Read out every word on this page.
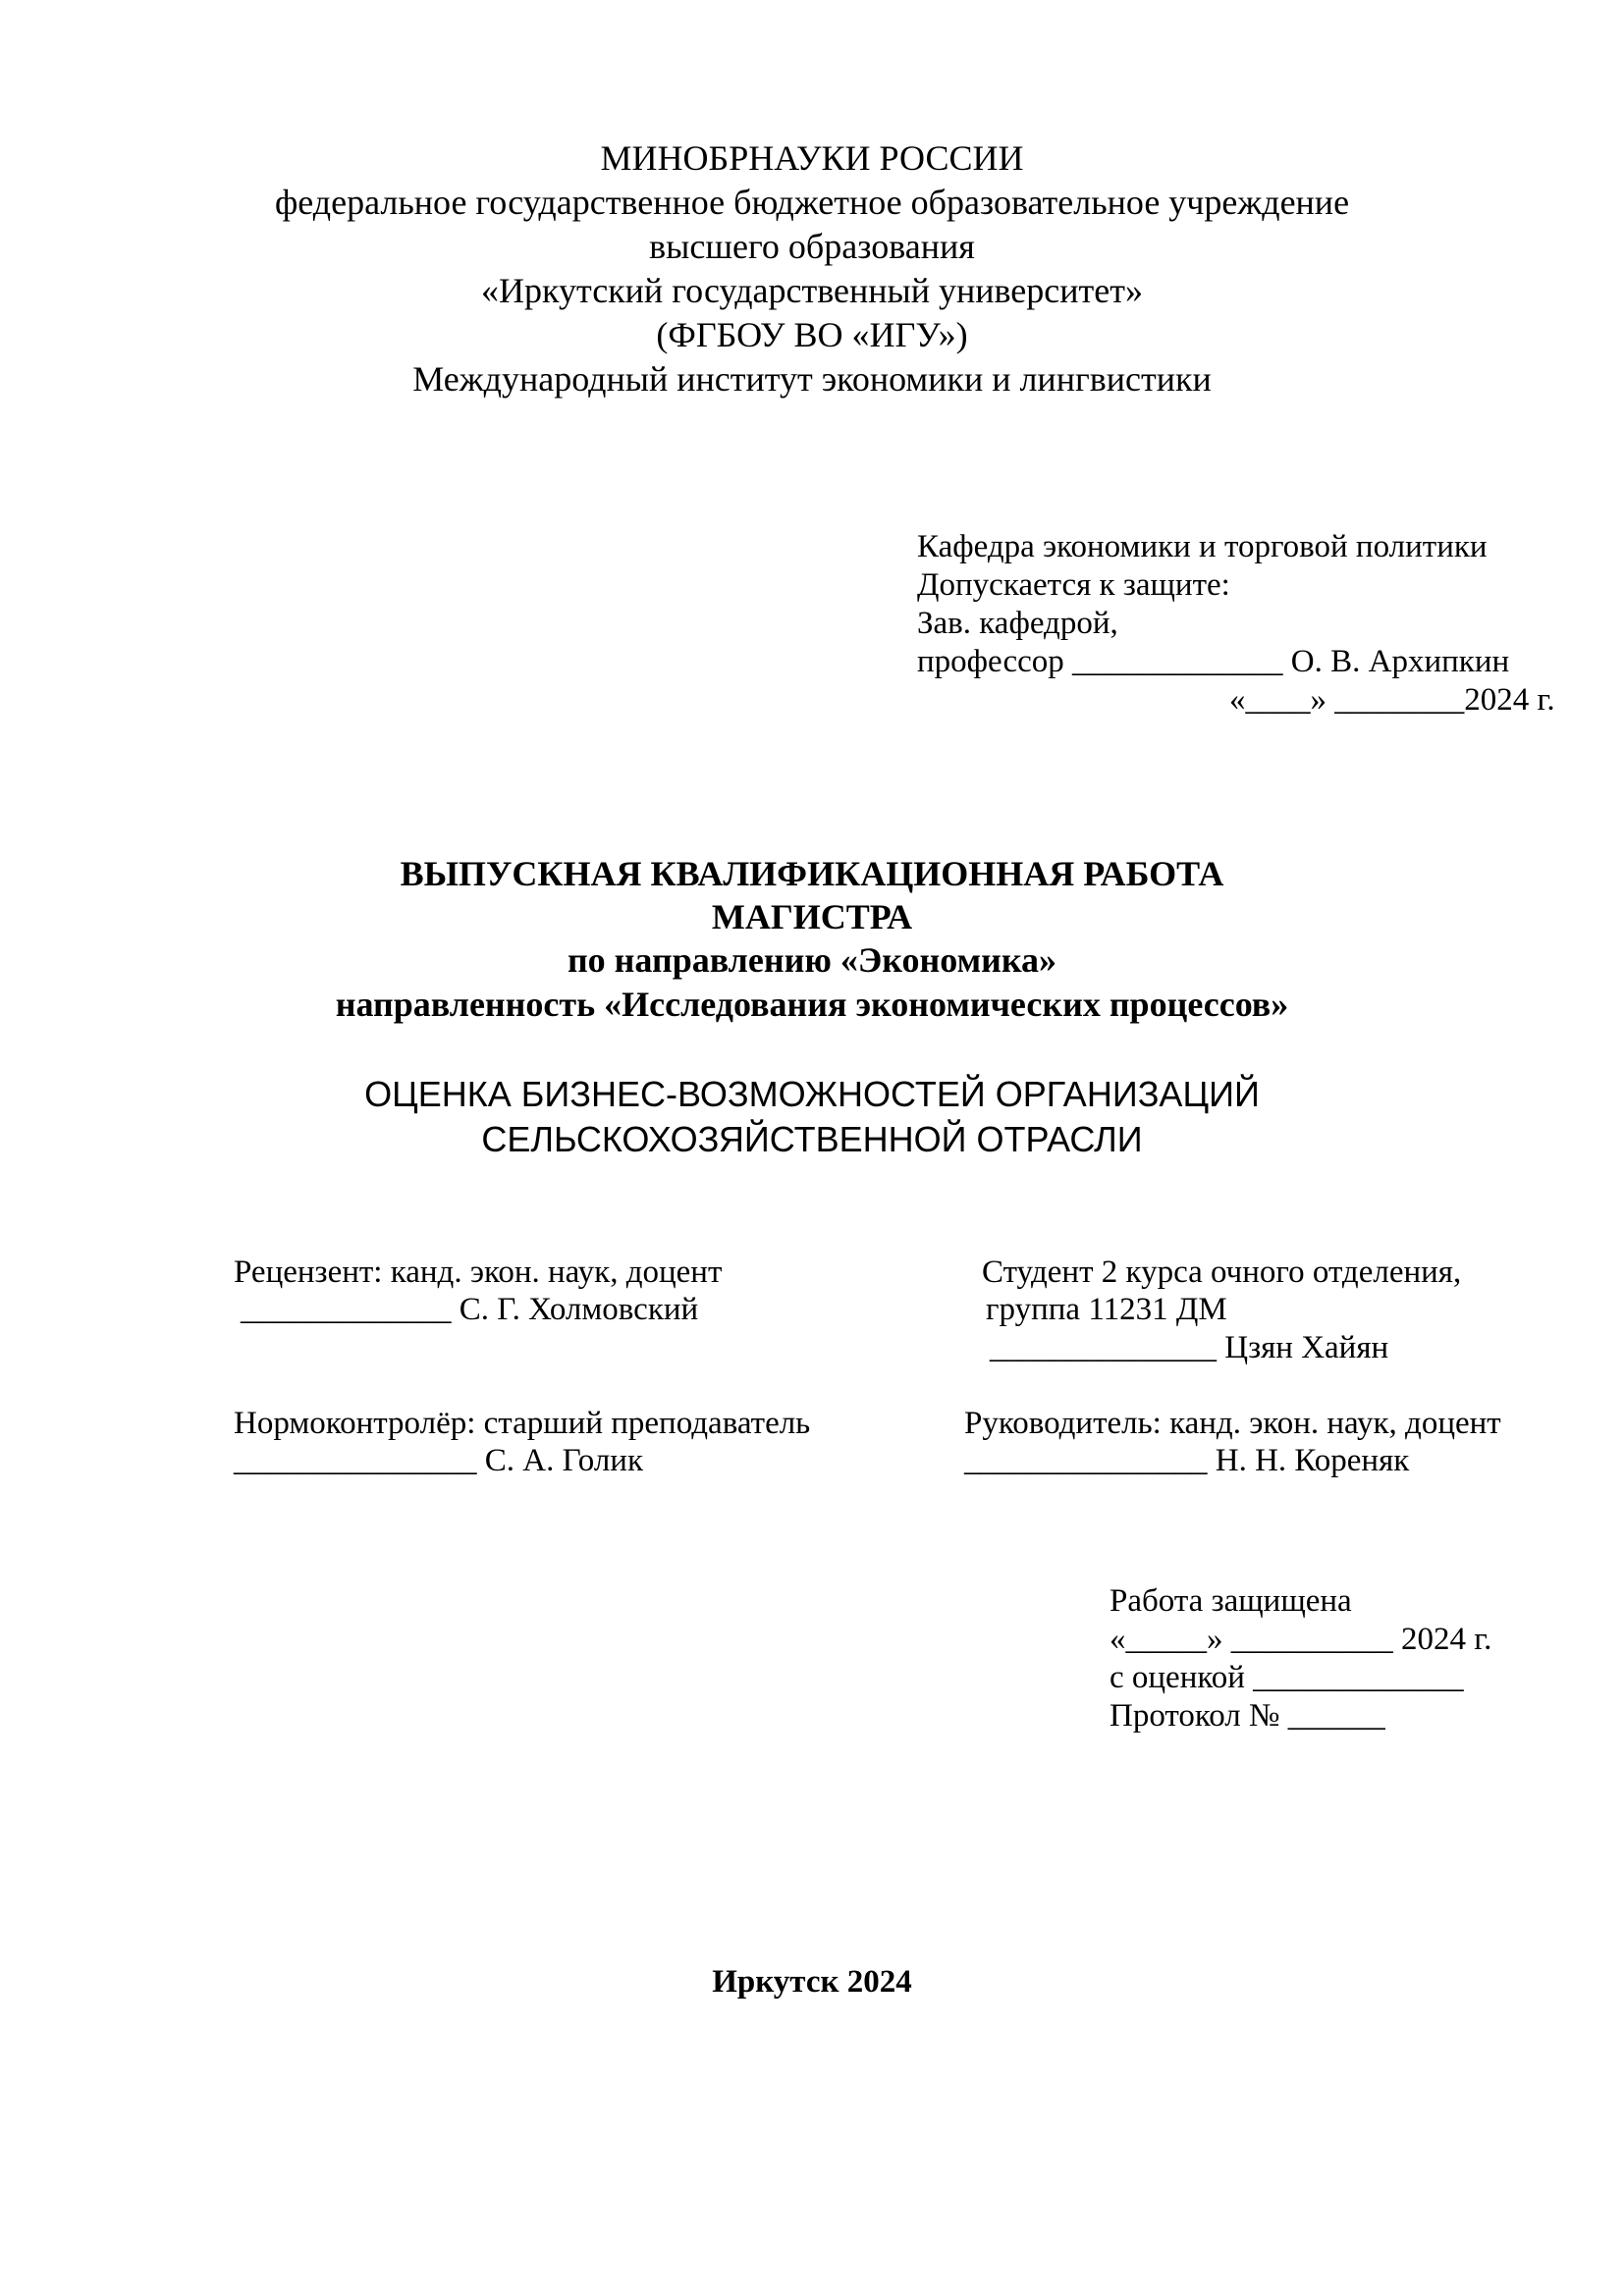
МИНОБРНАУКИ РОССИИ
федеральное государственное бюджетное образовательное учреждение
высшего образования
«Иркутский государственный университет»
(ФГБОУ ВО «ИГУ»)
Международный институт экономики и лингвистики
Кафедра экономики и торговой политики
Допускается к защите:
Зав. кафедрой,
профессор _____________ О. В. Архипкин
«____» ________2024 г.
ВЫПУСКНАЯ КВАЛИФИКАЦИОННАЯ РАБОТА
МАГИСТРА
по направлению «Экономика»
направленность «Исследования экономических процессов»
ОЦЕНКА БИЗНЕС-ВОЗМОЖНОСТЕЙ ОРГАНИЗАЦИЙ
СЕЛЬСКОХОЗЯЙСТВЕННОЙ ОТРАСЛИ
Рецензент: канд. экон. наук, доцент
_____________ С. Г. Холмовский
Нормоконтролёр: старший преподаватель
_______________ С. А. Голик
Студент 2 курса очного отделения,
группа 11231 ДМ
______________ Цзян Хайян
Руководитель: канд. экон. наук, доцент
_______________ Н. Н. Кореняк
Работа защищена
«_____» __________ 2024 г.
с оценкой _____________
Протокол № ______
Иркутск 2024
